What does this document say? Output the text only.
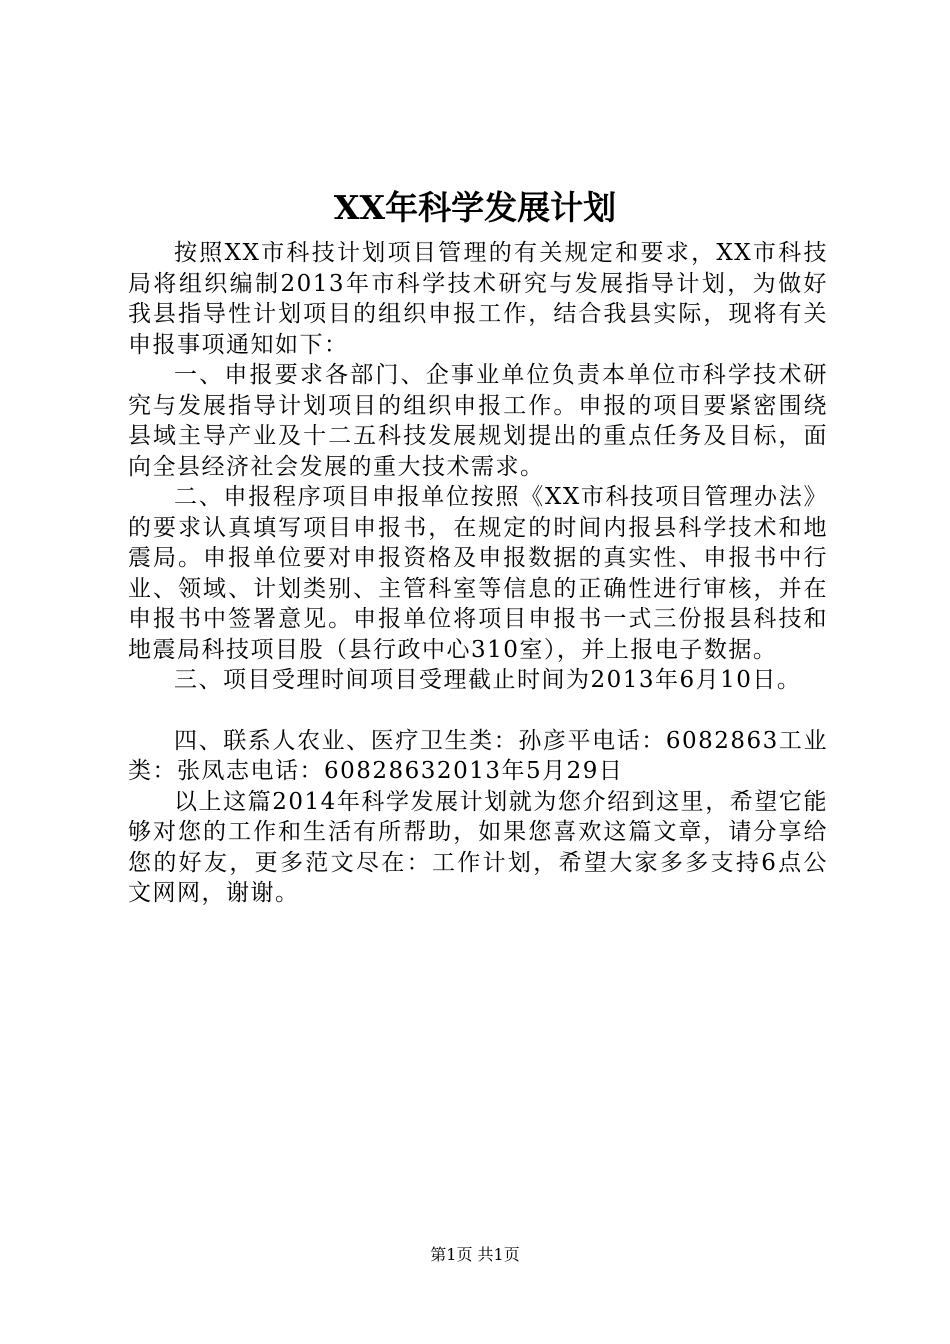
XX年科学发展计划

按照XX市科技计划项目管理的有关规定和要求，XX市科技局将组织编制2013年市科学技术研究与发展指导计划，为做好我县指导性计划项目的组织申报工作，结合我县实际，现将有关申报事项通知如下：

一、申报要求各部门、企事业单位负责本单位市科学技术研究与发展指导计划项目的组织申报工作。申报的项目要紧密围绕县域主导产业及十二五科技发展规划提出的重点任务及目标，面向全县经济社会发展的重大技术需求。

二、申报程序项目申报单位按照《XX市科技项目管理办法》的要求认真填写项目申报书，在规定的时间内报县科学技术和地震局。申报单位要对申报资格及申报数据的真实性、申报书中行业、领域、计划类别、主管科室等信息的正确性进行审核，并在申报书中签署意见。申报单位将项目申报书一式三份报县科技和地震局科技项目股（县行政中心310室），并上报电子数据。

三、项目受理时间项目受理截止时间为2013年6月10日。

四、联系人农业、医疗卫生类：孙彦平电话：6082863工业类：张凤志电话：60828632013年5月29日

以上这篇2014年科学发展计划就为您介绍到这里，希望它能够对您的工作和生活有所帮助，如果您喜欢这篇文章，请分享给您的好友，更多范文尽在：工作计划，希望大家多多支持6点公文网网，谢谢。

第1页 共1页
